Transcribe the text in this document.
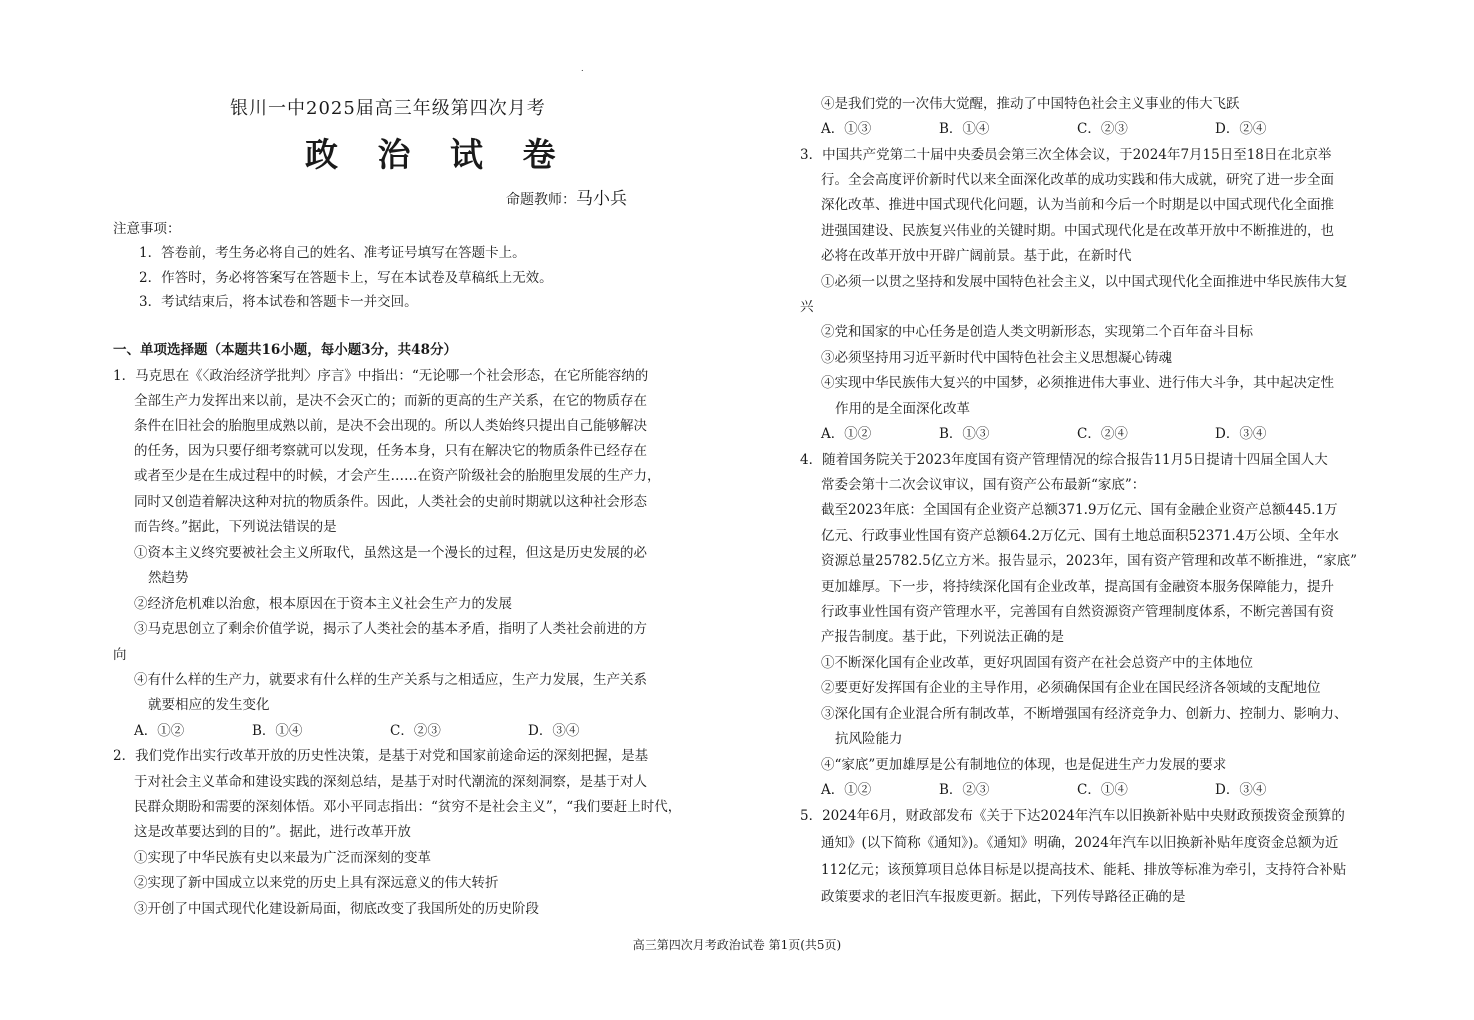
.
银川一中2025届高三年级第四次月考
政 治 试 卷
命题教师：马小兵
注意事项：
1．答卷前，考生务必将自己的姓名、准考证号填写在答题卡上。
2．作答时，务必将答案写在答题卡上，写在本试卷及草稿纸上无效。
3．考试结束后，将本试卷和答题卡一并交回。
一、单项选择题（本题共16小题，每小题3分，共48分）
1．马克思在《〈政治经济学批判〉序言》中指出：“无论哪一个社会形态，在它所能容纳的
全部生产力发挥出来以前，是决不会灭亡的；而新的更高的生产关系，在它的物质存在
条件在旧社会的胎胞里成熟以前，是决不会出现的。所以人类始终只提出自己能够解决
的任务，因为只要仔细考察就可以发现，任务本身，只有在解决它的物质条件已经存在
或者至少是在生成过程中的时候，才会产生……在资产阶级社会的胎胞里发展的生产力，
同时又创造着解决这种对抗的物质条件。因此，人类社会的史前时期就以这种社会形态
而告终。”据此，下列说法错误的是
①资本主义终究要被社会主义所取代，虽然这是一个漫长的过程，但这是历史发展的必
然趋势
②经济危机难以治愈，根本原因在于资本主义社会生产力的发展
③马克思创立了剩余价值学说，揭示了人类社会的基本矛盾，指明了人类社会前进的方
向
④有什么样的生产力，就要求有什么样的生产关系与之相适应，生产力发展，生产关系
就要相应的发生变化
A．①②	B．①④	C．②③	D．③④
2．我们党作出实行改革开放的历史性决策，是基于对党和国家前途命运的深刻把握，是基
于对社会主义革命和建设实践的深刻总结，是基于对时代潮流的深刻洞察，是基于对人
民群众期盼和需要的深刻体悟。邓小平同志指出：“贫穷不是社会主义”，“我们要赶上时代，
这是改革要达到的目的”。据此，进行改革开放
①实现了中华民族有史以来最为广泛而深刻的变革
②实现了新中国成立以来党的历史上具有深远意义的伟大转折
③开创了中国式现代化建设新局面，彻底改变了我国所处的历史阶段
④是我们党的一次伟大觉醒，推动了中国特色社会主义事业的伟大飞跃
A．①③	B．①④	C．②③	D．②④
3．中国共产党第二十届中央委员会第三次全体会议，于2024年7月15日至18日在北京举
行。全会高度评价新时代以来全面深化改革的成功实践和伟大成就，研究了进一步全面
深化改革、推进中国式现代化问题，认为当前和今后一个时期是以中国式现代化全面推
进强国建设、民族复兴伟业的关键时期。中国式现代化是在改革开放中不断推进的，也
必将在改革开放中开辟广阔前景。基于此，在新时代
①必须一以贯之坚持和发展中国特色社会主义，以中国式现代化全面推进中华民族伟大复
兴
②党和国家的中心任务是创造人类文明新形态，实现第二个百年奋斗目标
③必须坚持用习近平新时代中国特色社会主义思想凝心铸魂
④实现中华民族伟大复兴的中国梦，必须推进伟大事业、进行伟大斗争，其中起决定性
作用的是全面深化改革
A．①②	B．①③	C．②④	D．③④
4．随着国务院关于2023年度国有资产管理情况的综合报告11月5日提请十四届全国人大
常委会第十二次会议审议，国有资产公布最新“家底”：
截至2023年底：全国国有企业资产总额371.9万亿元、国有金融企业资产总额445.1万
亿元、行政事业性国有资产总额64.2万亿元、国有土地总面积52371.4万公顷、全年水
资源总量25782.5亿立方米。报告显示，2023年，国有资产管理和改革不断推进，“家底”
更加雄厚。下一步，将持续深化国有企业改革，提高国有金融资本服务保障能力，提升
行政事业性国有资产管理水平，完善国有自然资源资产管理制度体系，不断完善国有资
产报告制度。基于此，下列说法正确的是
①不断深化国有企业改革，更好巩固国有资产在社会总资产中的主体地位
②要更好发挥国有企业的主导作用，必须确保国有企业在国民经济各领域的支配地位
③深化国有企业混合所有制改革，不断增强国有经济竞争力、创新力、控制力、影响力、
抗风险能力
④“家底”更加雄厚是公有制地位的体现，也是促进生产力发展的要求
A．①②	B．②③	C．①④	D．③④
5．2024年6月，财政部发布《关于下达2024年汽车以旧换新补贴中央财政预拨资金预算的
通知》(以下简称《通知》)。《通知》明确，2024年汽车以旧换新补贴年度资金总额为近
112亿元；该预算项目总体目标是以提高技术、能耗、排放等标准为牵引，支持符合补贴
政策要求的老旧汽车报废更新。据此，下列传导路径正确的是
高三第四次月考政治试卷 第1页(共5页)
